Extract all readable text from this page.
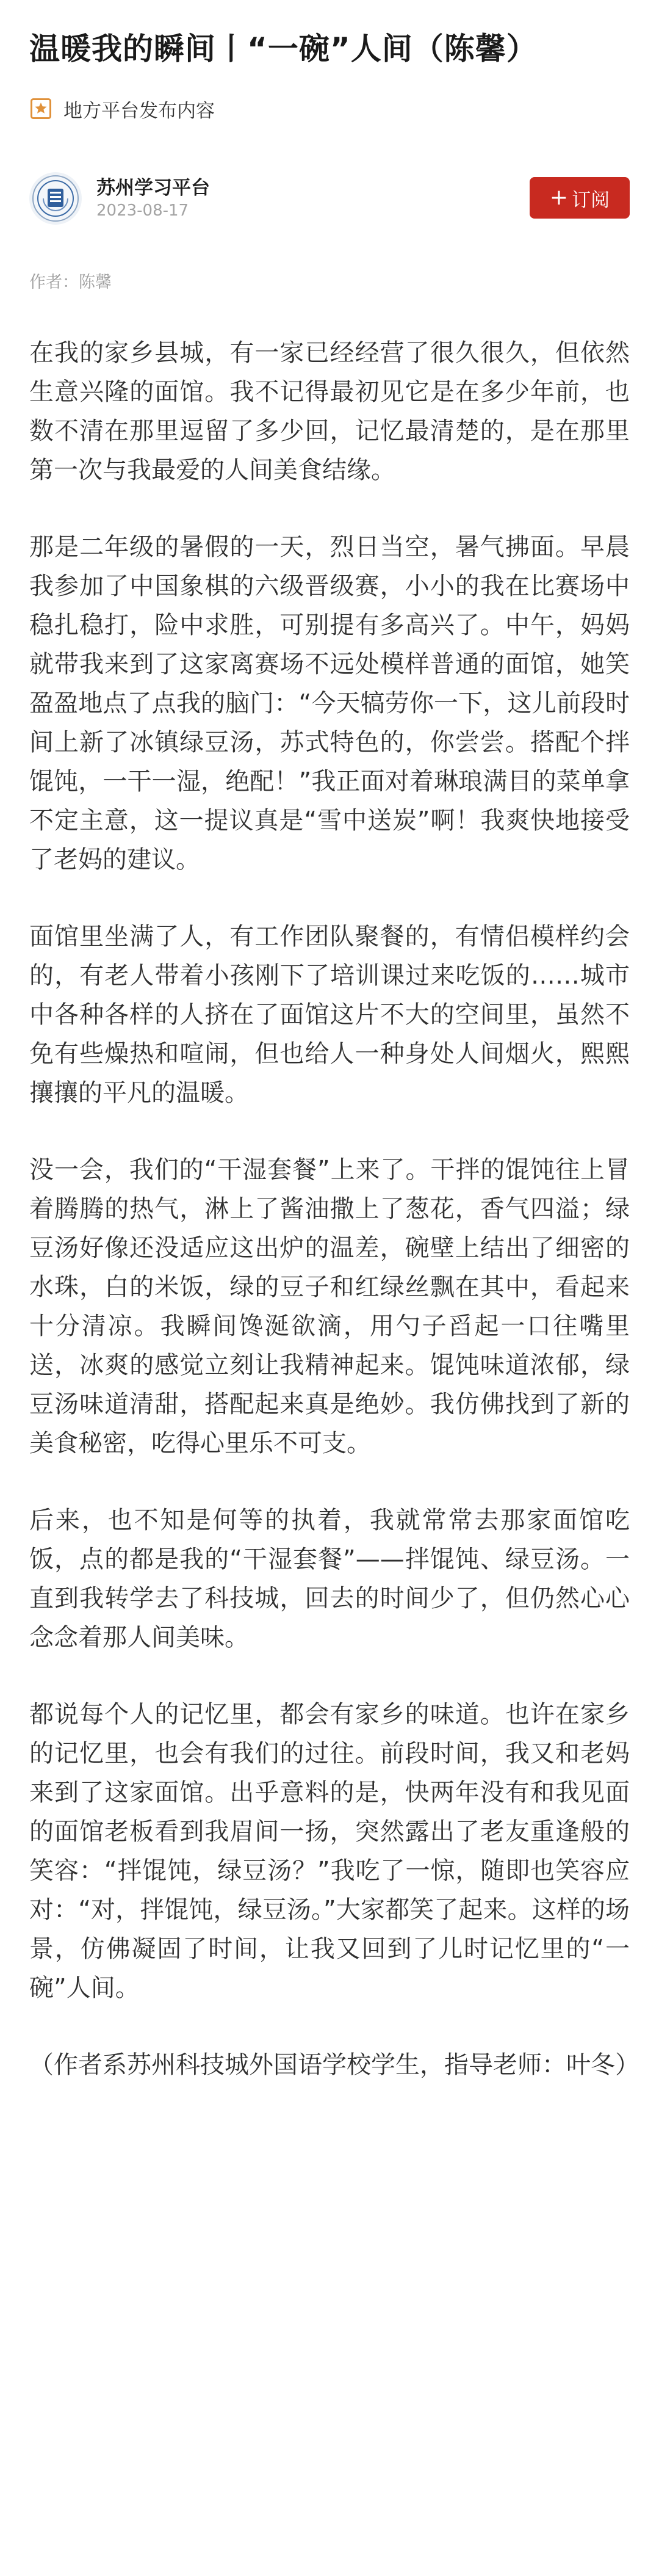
温暖我的瞬间丨“一碗”人间（陈馨）
地方平台发布内容
苏州学习平台
2023-08-17
+ 订阅
作者：陈馨

在我的家乡县城，有一家已经经营了很久很久，但依然生意兴隆的面馆。我不记得最初见它是在多少年前，也数不清在那里逗留了多少回，记忆最清楚的，是在那里第一次与我最爱的人间美食结缘。

那是二年级的暑假的一天，烈日当空，暑气拂面。早晨我参加了中国象棋的六级晋级赛，小小的我在比赛场中稳扎稳打，险中求胜，可别提有多高兴了。中午，妈妈就带我来到了这家离赛场不远处模样普通的面馆，她笑盈盈地点了点我的脑门：“今天犒劳你一下，这儿前段时间上新了冰镇绿豆汤，苏式特色的，你尝尝。搭配个拌馄饨，一干一湿，绝配！”我正面对着琳琅满目的菜单拿不定主意，这一提议真是“雪中送炭”啊！我爽快地接受了老妈的建议。

面馆里坐满了人，有工作团队聚餐的，有情侣模样约会的，有老人带着小孩刚下了培训课过来吃饭的……城市中各种各样的人挤在了面馆这片不大的空间里，虽然不免有些燥热和喧闹，但也给人一种身处人间烟火，熙熙攘攘的平凡的温暖。

没一会，我们的“干湿套餐”上来了。干拌的馄饨往上冒着腾腾的热气，淋上了酱油撒上了葱花，香气四溢；绿豆汤好像还没适应这出炉的温差，碗壁上结出了细密的水珠，白的米饭，绿的豆子和红绿丝飘在其中，看起来十分清凉。我瞬间馋涎欲滴，用勺子舀起一口往嘴里送，冰爽的感觉立刻让我精神起来。馄饨味道浓郁，绿豆汤味道清甜，搭配起来真是绝妙。我仿佛找到了新的美食秘密，吃得心里乐不可支。

后来，也不知是何等的执着，我就常常去那家面馆吃饭，点的都是我的“干湿套餐”——拌馄饨、绿豆汤。一直到我转学去了科技城，回去的时间少了，但仍然心心念念着那人间美味。

都说每个人的记忆里，都会有家乡的味道。也许在家乡的记忆里，也会有我们的过往。前段时间，我又和老妈来到了这家面馆。出乎意料的是，快两年没有和我见面的面馆老板看到我眉间一扬，突然露出了老友重逢般的笑容：“拌馄饨，绿豆汤？”我吃了一惊，随即也笑容应对：“对，拌馄饨，绿豆汤。”大家都笑了起来。这样的场景，仿佛凝固了时间，让我又回到了儿时记忆里的“一碗”人间。

（作者系苏州科技城外国语学校学生，指导老师：叶冬）
